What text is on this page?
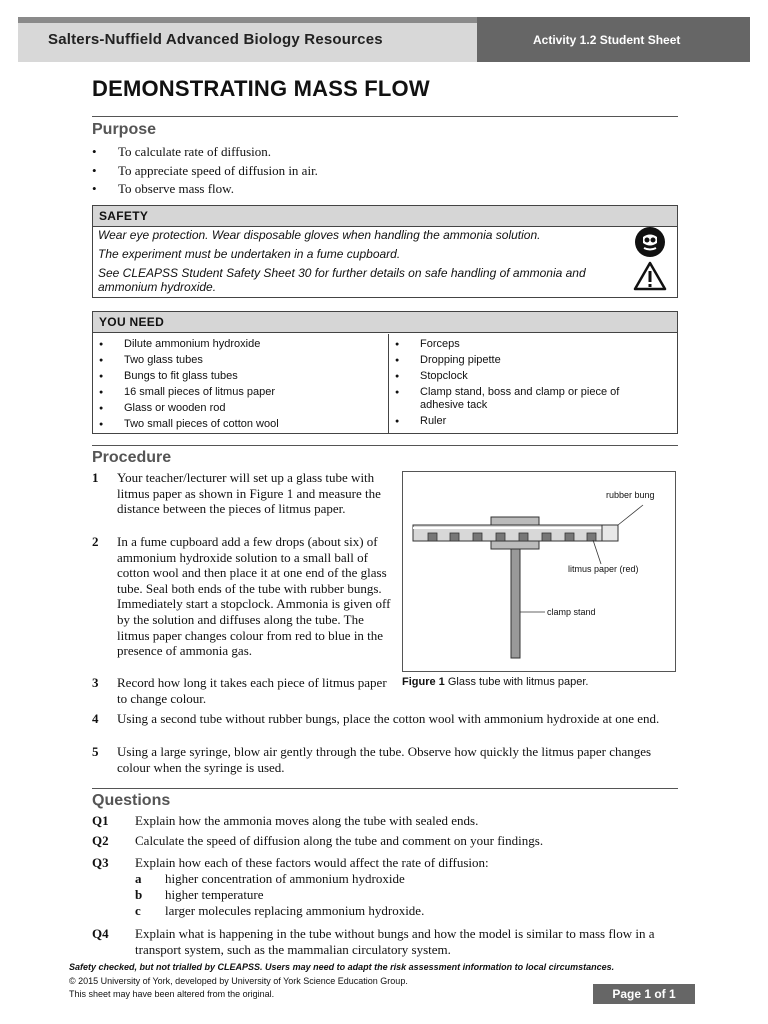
Salters-Nuffield Advanced Biology Resources	Activity 1.2 Student Sheet
DEMONSTRATING MASS FLOW
Purpose
• To calculate rate of diffusion.
• To appreciate speed of diffusion in air.
• To observe mass flow.
SAFETY
Wear eye protection. Wear disposable gloves when handling the ammonia solution.
The experiment must be undertaken in a fume cupboard.
See CLEAPSS Student Safety Sheet 30 for further details on safe handling of ammonia and ammonium hydroxide.
YOU NEED
● Dilute ammonium hydroxide
● Two glass tubes
● Bungs to fit glass tubes
● 16 small pieces of litmus paper
● Glass or wooden rod
● Two small pieces of cotton wool
● Forceps
● Dropping pipette
● Stopclock
● Clamp stand, boss and clamp or piece of adhesive tack
● Ruler
Procedure
1 Your teacher/lecturer will set up a glass tube with litmus paper as shown in Figure 1 and measure the distance between the pieces of litmus paper.
2 In a fume cupboard add a few drops (about six) of ammonium hydroxide solution to a small ball of cotton wool and then place it at one end of the glass tube. Seal both ends of the tube with rubber bungs. Immediately start a stopclock. Ammonia is given off by the solution and diffuses along the tube. The litmus paper changes colour from red to blue in the presence of ammonia gas.
3 Record how long it takes each piece of litmus paper to change colour.
4 Using a second tube without rubber bungs, place the cotton wool with ammonium hydroxide at one end.
5 Using a large syringe, blow air gently through the tube. Observe how quickly the litmus paper changes colour when the syringe is used.
rubber bung
litmus paper (red)
clamp stand
Figure 1 Glass tube with litmus paper.
Questions
Q1 Explain how the ammonia moves along the tube with sealed ends.
Q2 Calculate the speed of diffusion along the tube and comment on your findings.
Q3 Explain how each of these factors would affect the rate of diffusion:
a higher concentration of ammonium hydroxide
b higher temperature
c larger molecules replacing ammonium hydroxide.
Q4 Explain what is happening in the tube without bungs and how the model is similar to mass flow in a transport system, such as the mammalian circulatory system.
Safety checked, but not trialled by CLEAPSS. Users may need to adapt the risk assessment information to local circumstances.
© 2015 University of York, developed by University of York Science Education Group.
This sheet may have been altered from the original.	Page 1 of 1
